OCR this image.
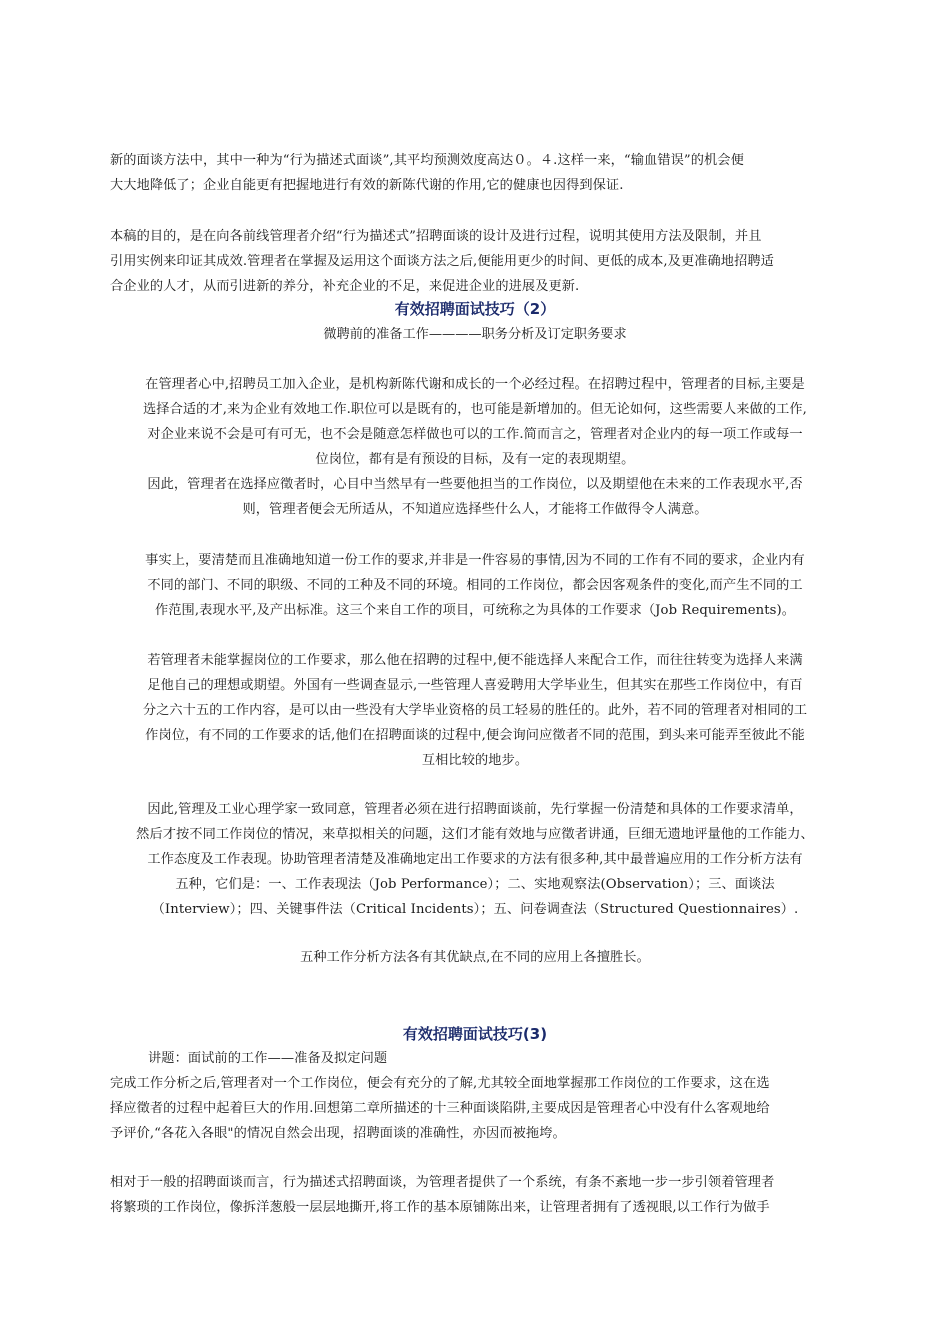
新的面谈方法中，其中一种为“行为描述式面谈”,其平均预测效度高达０。４.这样一来，“输血错误”的机会便
大大地降低了；企业自能更有把握地进行有效的新陈代谢的作用,它的健康也因得到保证.
本稿的目的，是在向各前线管理者介绍“行为描述式”招聘面谈的设计及进行过程，说明其使用方法及限制，并且
引用实例来印证其成效.管理者在掌握及运用这个面谈方法之后,便能用更少的时间、更低的成本,及更准确地招聘适
合企业的人才，从而引进新的养分，补充企业的不足，来促进企业的进展及更新.
有效招聘面试技巧（2）
微聘前的准备工作————职务分析及订定职务要求
在管理者心中,招聘员工加入企业，是机构新陈代谢和成长的一个必经过程。在招聘过程中，管理者的目标,主要是
选择合适的才,来为企业有效地工作.职位可以是既有的，也可能是新增加的。但无论如何，这些需要人来做的工作,
对企业来说不会是可有可无，也不会是随意怎样做也可以的工作.简而言之，管理者对企业内的每一项工作或每一
位岗位，都有是有预设的目标，及有一定的表现期望。
因此，管理者在选择应徵者时，心目中当然早有一些要他担当的工作岗位，以及期望他在未来的工作表现水平,否
则，管理者便会无所适从，不知道应选择些什么人，才能将工作做得令人满意。
事实上，要清楚而且准确地知道一份工作的要求,并非是一件容易的事情,因为不同的工作有不同的要求，企业内有
不同的部门、不同的职级、不同的工种及不同的环境。相同的工作岗位，都会因客观条件的变化,而产生不同的工
作范围,表现水平,及产出标准。这三个来自工作的项目，可统称之为具体的工作要求（Job Requirements)。
若管理者未能掌握岗位的工作要求，那么他在招聘的过程中,便不能选择人来配合工作，而往往转变为选择人来满
足他自己的理想或期望。外国有一些调查显示,一些管理人喜爱聘用大学毕业生，但其实在那些工作岗位中，有百
分之六十五的工作内容，是可以由一些没有大学毕业资格的员工轻易的胜任的。此外，若不同的管理者对相同的工
作岗位，有不同的工作要求的话,他们在招聘面谈的过程中,便会询问应徵者不同的范围，到头来可能弄至彼此不能
互相比较的地步。
因此,管理及工业心理学家一致同意，管理者必须在进行招聘面谈前，先行掌握一份清楚和具体的工作要求清单，
然后才按不同工作岗位的情况，来草拟相关的问题，这们才能有效地与应徵者讲通，巨细无遗地评量他的工作能力、
工作态度及工作表现。协助管理者清楚及准确地定出工作要求的方法有很多种,其中最普遍应用的工作分析方法有
五种，它们是：一、工作表现法（Job Performance）；二、实地观察法(Observation）；三、面谈法
（Interview）；四、关键事件法（Critical Incidents）；五、问卷调查法（Structured Questionnaires）.
五种工作分析方法各有其优缺点,在不同的应用上各擅胜长。
有效招聘面试技巧(3)
讲题：面试前的工作——准备及拟定问题
完成工作分析之后,管理者对一个工作岗位，便会有充分的了解,尤其较全面地掌握那工作岗位的工作要求，这在选
择应徵者的过程中起着巨大的作用.回想第二章所描述的十三种面谈陷阱,主要成因是管理者心中没有什么客观地给
予评价,“各花入各眼"的情况自然会出现，招聘面谈的准确性，亦因而被拖垮。
相对于一般的招聘面谈而言，行为描述式招聘面谈，为管理者提供了一个系统，有条不紊地一步一步引领着管理者
将繁琐的工作岗位，像拆洋葱般一层层地撕开,将工作的基本原铺陈出来，让管理者拥有了透视眼,以工作行为做手
